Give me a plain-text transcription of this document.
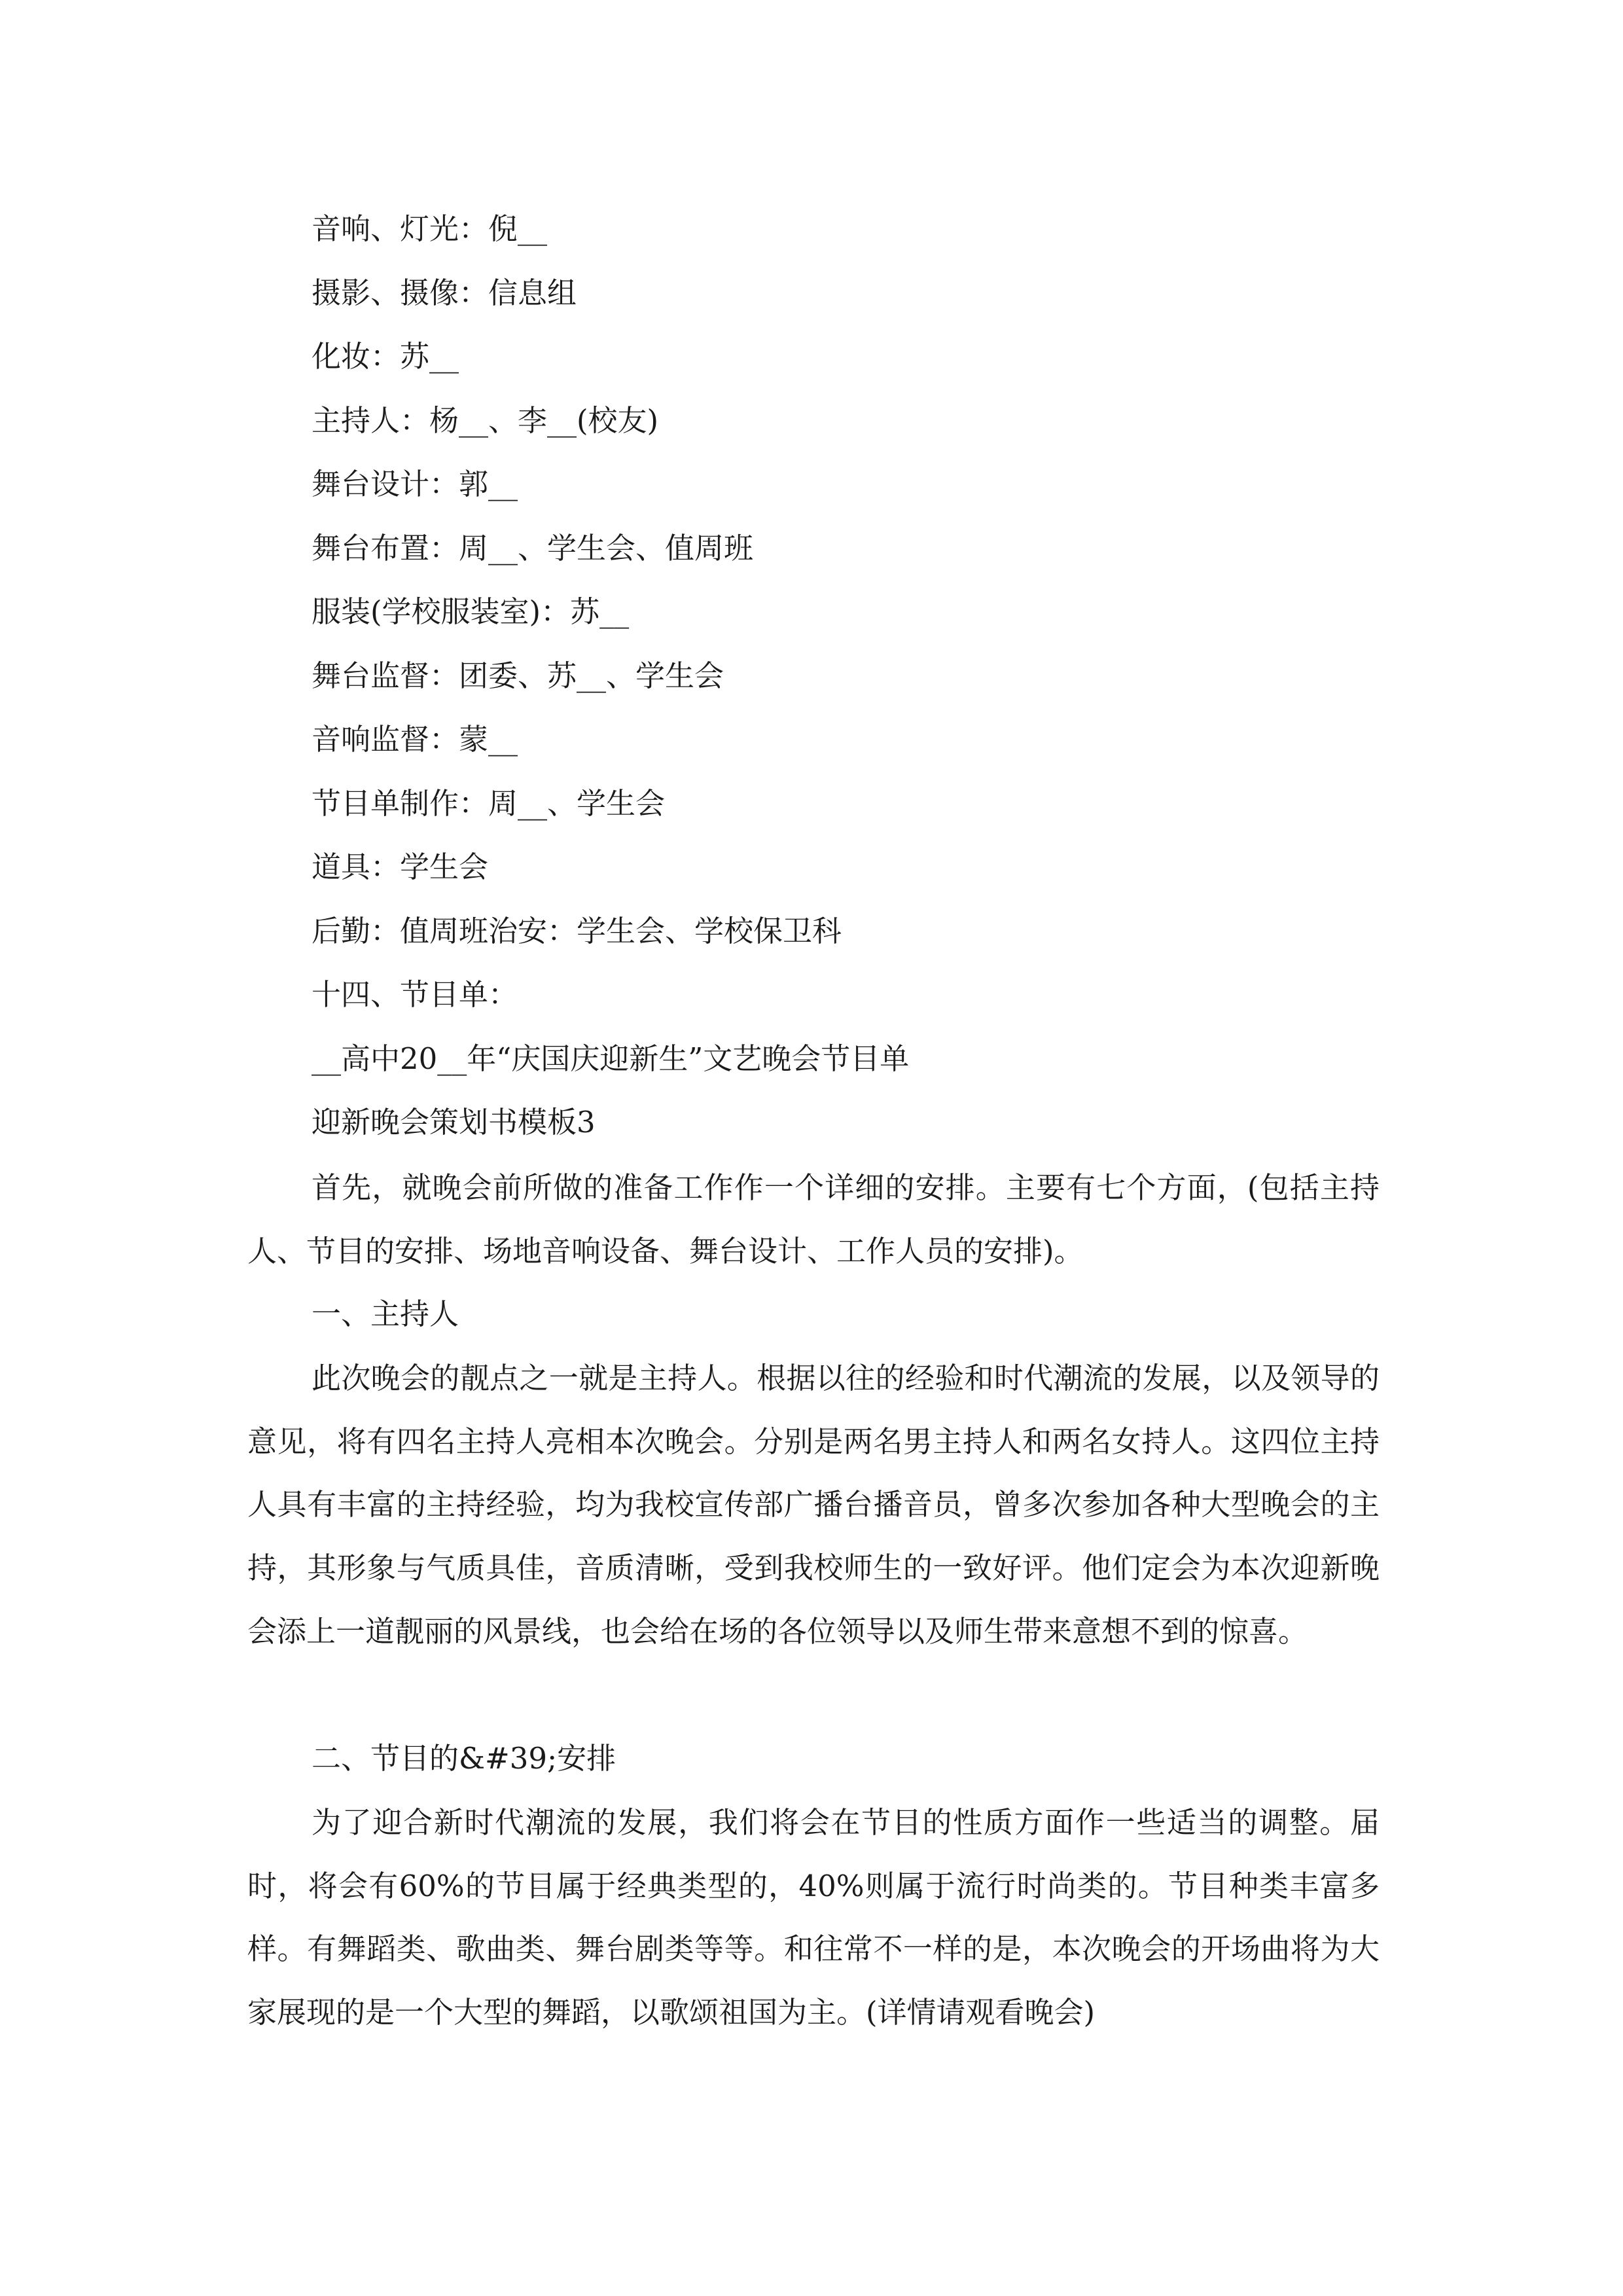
音响、灯光：倪__
摄影、摄像：信息组
化妆：苏__
主持人：杨__、李__(校友)
舞台设计：郭__
舞台布置：周__、学生会、值周班
服装(学校服装室)：苏__
舞台监督：团委、苏__、学生会
音响监督：蒙__
节目单制作：周__、学生会
道具：学生会
后勤：值周班治安：学生会、学校保卫科
十四、节目单：
__高中20__年“庆国庆迎新生”文艺晚会节目单
迎新晚会策划书模板3
首先，就晚会前所做的准备工作作一个详细的安排。主要有七个方面，(包括主持人、节目的安排、场地音响设备、舞台设计、工作人员的安排)。
一、主持人
此次晚会的靓点之一就是主持人。根据以往的经验和时代潮流的发展，以及领导的意见，将有四名主持人亮相本次晚会。分别是两名男主持人和两名女持人。这四位主持人具有丰富的主持经验，均为我校宣传部广播台播音员，曾多次参加各种大型晚会的主持，其形象与气质具佳，音质清晰，受到我校师生的一致好评。他们定会为本次迎新晚会添上一道靓丽的风景线，也会给在场的各位领导以及师生带来意想不到的惊喜。
二、节目的&#39;安排
为了迎合新时代潮流的发展，我们将会在节目的性质方面作一些适当的调整。届时，将会有60%的节目属于经典类型的，40%则属于流行时尚类的。节目种类丰富多样。有舞蹈类、歌曲类、舞台剧类等等。和往常不一样的是，本次晚会的开场曲将为大家展现的是一个大型的舞蹈，以歌颂祖国为主。(详情请观看晚会)
